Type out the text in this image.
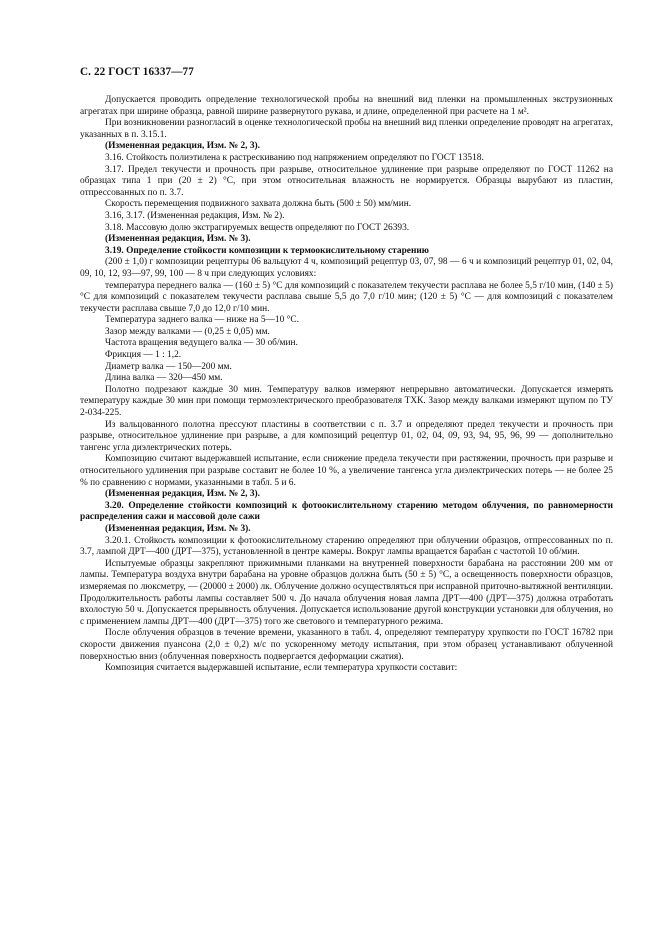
С. 22 ГОСТ 16337—77

Допускается проводить определение технологической пробы на внешний вид пленки на промышленных экструзионных агрегатах при ширине образца, равной ширине развернутого рукава, и длине, определенной при расчете на 1 м².

При возникновении разногласий в оценке технологической пробы на внешний вид пленки определение проводят на агрегатах, указанных в п. 3.15.1.

(Измененная редакция, Изм. № 2, 3).

3.16. Стойкость полиэтилена к растрескиванию под напряжением определяют по ГОСТ 13518.

3.17. Предел текучести и прочность при разрыве, относительное удлинение при разрыве определяют по ГОСТ 11262 на образцах типа 1 при (20 ± 2) °С, при этом относительная влажность не нормируется. Образцы вырубают из пластин, отпрессованных по п. 3.7.

Скорость перемещения подвижного захвата должна быть (500 ± 50) мм/мин.

3.16, 3.17. (Измененная редакция, Изм. № 2).

3.18. Массовую долю экстрагируемых веществ определяют по ГОСТ 26393.

(Измененная редакция, Изм. № 3).

3.19. Определение стойкости композиции к термоокислительному старению

(200 ± 1,0) г композиции рецептуры 06 вальцуют 4 ч, композиций рецептур 03, 07, 98 — 6 ч и композиций рецептур 01, 02, 04, 09, 10, 12, 93—97, 99, 100 — 8 ч при следующих условиях:

температура переднего валка — (160 ± 5) °С для композиций с показателем текучести расплава не более 5,5 г/10 мин, (140 ± 5) °С для композиций с показателем текучести расплава свыше 5,5 до 7,0 г/10 мин; (120 ± 5) °С — для композиций с показателем текучести расплава свыше 7,0 до 12,0 г/10 мин.

Температура заднего валка — ниже на 5—10 °С.

Зазор между валками — (0,25 ± 0,05) мм.

Частота вращения ведущего валка — 30 об/мин.

Фрикция — 1 : 1,2.

Диаметр валка — 150—200 мм.

Длина валка — 320—450 мм.

Полотно подрезают каждые 30 мин. Температуру валков измеряют непрерывно автоматически. Допускается измерять температуру каждые 30 мин при помощи термоэлектрического преобразователя ТХК. Зазор между валками измеряют щупом по ТУ 2-034-225.

Из вальцованного полотна прессуют пластины в соответствии с п. 3.7 и определяют предел текучести и прочность при разрыве, относительное удлинение при разрыве, а для композиций рецептур 01, 02, 04, 09, 93, 94, 95, 96, 99 — дополнительно тангенс угла диэлектрических потерь.

Композицию считают выдержавшей испытание, если снижение предела текучести при растяжении, прочность при разрыве и относительного удлинения при разрыве составит не более 10 %, а увеличение тангенса угла диэлектрических потерь — не более 25 % по сравнению с нормами, указанными в табл. 5 и 6.

(Измененная редакция, Изм. № 2, 3).

3.20. Определение стойкости композиций к фотоокислительному старению методом облучения, по равномерности распределения сажи и массовой доле сажи

(Измененная редакция, Изм. № 3).

3.20.1. Стойкость композиции к фотоокислительному старению определяют при облучении образцов, отпрессованных по п. 3.7, лампой ДРТ—400 (ДРТ—375), установленной в центре камеры. Вокруг лампы вращается барабан с частотой 10 об/мин.

Испытуемые образцы закрепляют прижимными планками на внутренней поверхности барабана на расстоянии 200 мм от лампы. Температура воздуха внутри барабана на уровне образцов должна быть (50 ± 5) °С, а освещенность поверхности образцов, измеряемая по люксметру, — (20000 ± 2000) лк. Облучение должно осуществляться при исправной приточно-вытяжной вентиляции. Продолжительность работы лампы составляет 500 ч. До начала облучения новая лампа ДРТ—400 (ДРТ—375) должна отработать вхолостую 50 ч. Допускается прерывность облучения. Допускается использование другой конструкции установки для облучения, но с применением лампы ДРТ—400 (ДРТ—375) того же светового и температурного режима.

После облучения образцов в течение времени, указанного в табл. 4, определяют температуру хрупкости по ГОСТ 16782 при скорости движения пуансона (2,0 ± 0,2) м/с по ускоренному методу испытания, при этом образец устанавливают облученной поверхностью вниз (облученная поверхность подвергается деформации сжатия).

Композиция считается выдержавшей испытание, если температура хрупкости составит:
